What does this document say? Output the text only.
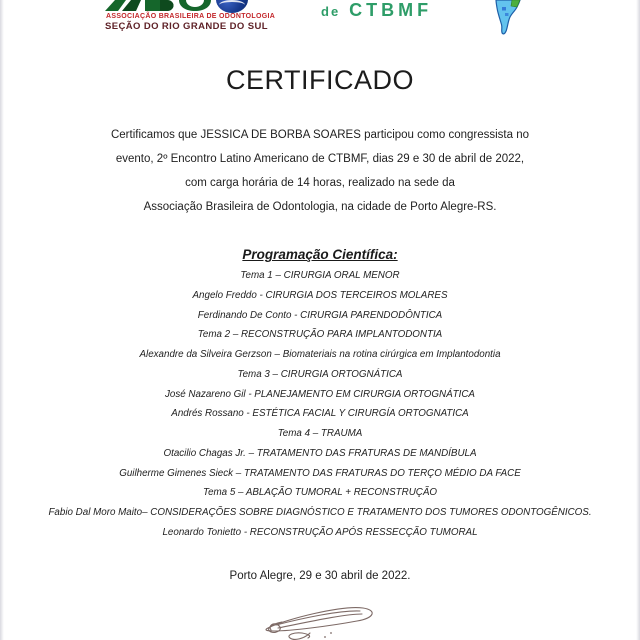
ASSOCIAÇÃO BRASILEIRA DE ODONTOLOGIA
SEÇÃO DO RIO GRANDE DO SUL
de CTBMF
CERTIFICADO

Certificamos que JESSICA DE BORBA SOARES participou como congressista no

evento, 2º Encontro Latino Americano de CTBMF, dias 29 e 30 de abril de 2022,

com carga horária de 14 horas, realizado na sede da

Associação Brasileira de Odontologia, na cidade de Porto Alegre-RS.

Programação Científica:
Tema 1 – CIRURGIA ORAL MENOR
Angelo Freddo - CIRURGIA DOS TERCEIROS MOLARES
Ferdinando De Conto - CIRURGIA PARENDODÔNTICA
Tema 2 – RECONSTRUÇÃO PARA IMPLANTODONTIA
Alexandre da Silveira Gerzson – Biomateriais na rotina cirúrgica em Implantodontia
Tema 3 – CIRURGIA ORTOGNÁTICA
José Nazareno Gil - PLANEJAMENTO EM CIRURGIA ORTOGNÁTICA
Andrés Rossano - ESTÉTICA FACIAL Y CIRURGÍA ORTOGNATICA
Tema 4 – TRAUMA
Otacilio Chagas Jr. – TRATAMENTO DAS FRATURAS DE MANDÍBULA
Guilherme Gimenes Sieck – TRATAMENTO DAS FRATURAS DO TERÇO MÉDIO DA FACE
Tema 5 – ABLAÇÃO TUMORAL + RECONSTRUÇÃO
Fabio Dal Moro Maito– CONSIDERAÇÕES SOBRE DIAGNÓSTICO E TRATAMENTO DOS TUMORES ODONTOGÊNICOS.
Leonardo Tonietto - RECONSTRUÇÃO APÓS RESSECÇÃO TUMORAL
Porto Alegre, 29 e 30 abril de 2022.
